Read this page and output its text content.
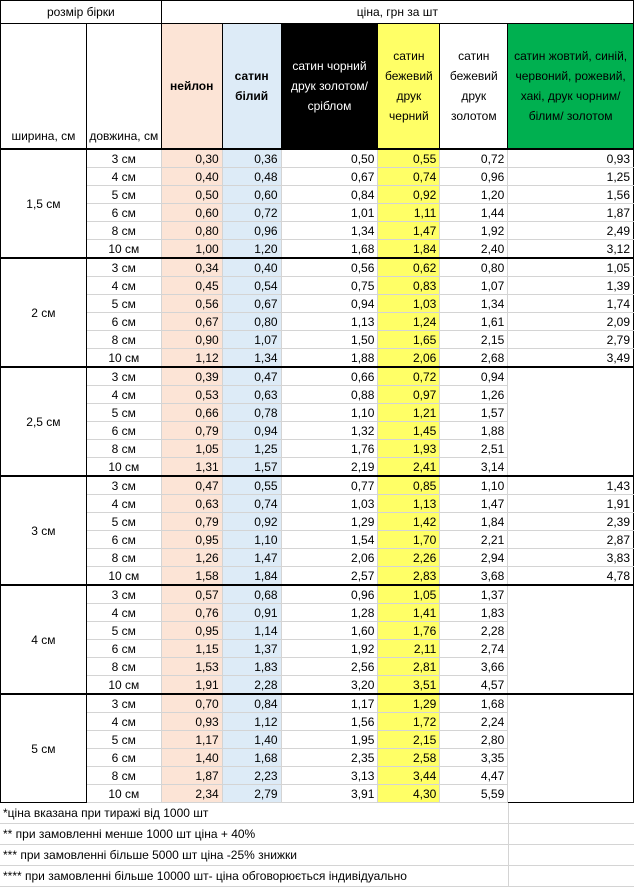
розмір бірки		ціна, грн за шт					
ширина, см	довжина, см	нейлон	сатин білий	сатин чорний друк золотом/ сріблом	сатин бежевий друк черний	сатин бежевий друк золотом	сатин жовтий, синій, червоний, рожевий, хакі, друк чорним/білим/ золотом
1,5 см	3 см	0,30	0,36	0,50	0,55	0,72	0,93
	4 см	0,40	0,48	0,67	0,74	0,96	1,25
	5 см	0,50	0,60	0,84	0,92	1,20	1,56
	6 см	0,60	0,72	1,01	1,11	1,44	1,87
	8 см	0,80	0,96	1,34	1,47	1,92	2,49
	10 см	1,00	1,20	1,68	1,84	2,40	3,12
2 см	3 см	0,34	0,40	0,56	0,62	0,80	1,05
	4 см	0,45	0,54	0,75	0,83	1,07	1,39
	5 см	0,56	0,67	0,94	1,03	1,34	1,74
	6 см	0,67	0,80	1,13	1,24	1,61	2,09
	8 см	0,90	1,07	1,50	1,65	2,15	2,79
	10 см	1,12	1,34	1,88	2,06	2,68	3,49
2,5 см	3 см	0,39	0,47	0,66	0,72	0,94	
	4 см	0,53	0,63	0,88	0,97	1,26	
	5 см	0,66	0,78	1,10	1,21	1,57	
	6 см	0,79	0,94	1,32	1,45	1,88	
	8 см	1,05	1,25	1,76	1,93	2,51	
	10 см	1,31	1,57	2,19	2,41	3,14	
3 см	3 см	0,47	0,55	0,77	0,85	1,10	1,43
	4 см	0,63	0,74	1,03	1,13	1,47	1,91
	5 см	0,79	0,92	1,29	1,42	1,84	2,39
	6 см	0,95	1,10	1,54	1,70	2,21	2,87
	8 см	1,26	1,47	2,06	2,26	2,94	3,83
	10 см	1,58	1,84	2,57	2,83	3,68	4,78
4 см	3 см	0,57	0,68	0,96	1,05	1,37	
	4 см	0,76	0,91	1,28	1,41	1,83	
	5 см	0,95	1,14	1,60	1,76	2,28	
	6 см	1,15	1,37	1,92	2,11	2,74	
	8 см	1,53	1,83	2,56	2,81	3,66	
	10 см	1,91	2,28	3,20	3,51	4,57	
5 см	3 см	0,70	0,84	1,17	1,29	1,68	
	4 см	0,93	1,12	1,56	1,72	2,24	
	5 см	1,17	1,40	1,95	2,15	2,80	
	6 см	1,40	1,68	2,35	2,58	3,35	
	8 см	1,87	2,23	3,13	3,44	4,47	
	10 см	2,34	2,79	3,91	4,30	5,59	
*ціна вказана при тиражі від 1000 шт	
** при замовленні менше 1000 шт ціна + 40%	
*** при замовленні більше 5000 шт ціна -25% знижки	
**** при замовленні більше 10000 шт- ціна обговорюється індивідуально	
